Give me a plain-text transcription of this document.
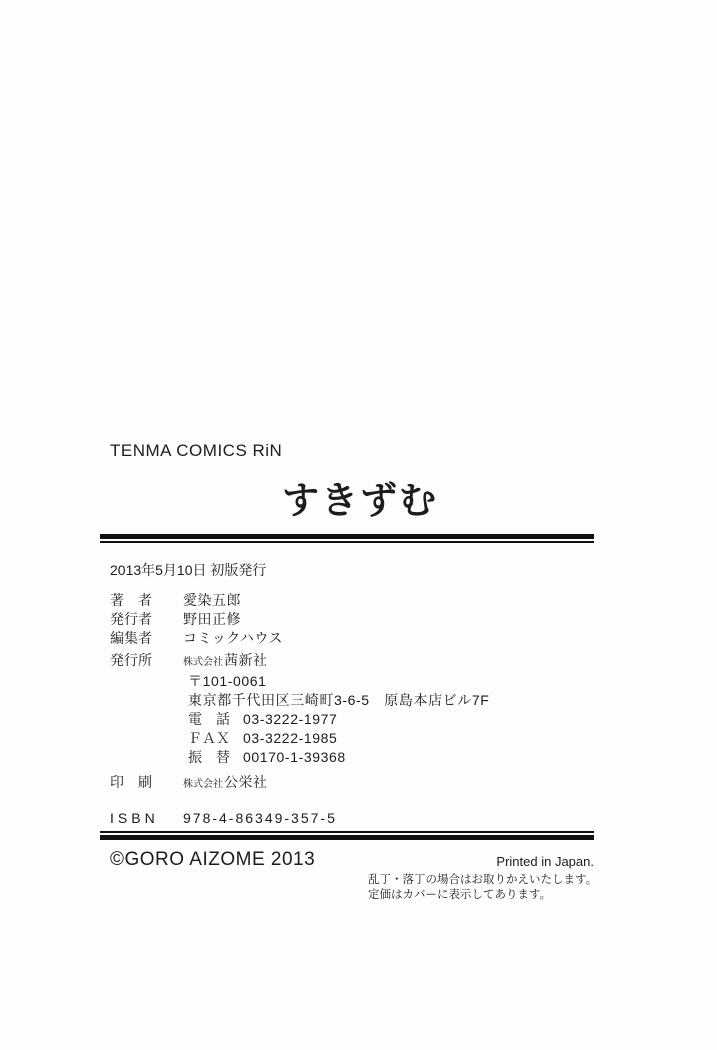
TENMA COMICS RiN
すきずむ
2013年5月10日 初版発行
著　者	愛染五郎
発行者	野田正修
編集者	コミックハウス
発行所	株式会社茜新社
〒101-0061
東京都千代田区三崎町3-6-5　原島本店ビル7F
電　話 03-3222-1977
ＦＡＸ 03-3222-1985
振　替 00170-1-39368
印　刷	株式会社公栄社
ISBN	978-4-86349-357-5
©GORO AIZOME 2013	Printed in Japan.
乱丁・落丁の場合はお取りかえいたします。
定価はカバーに表示してあります。
